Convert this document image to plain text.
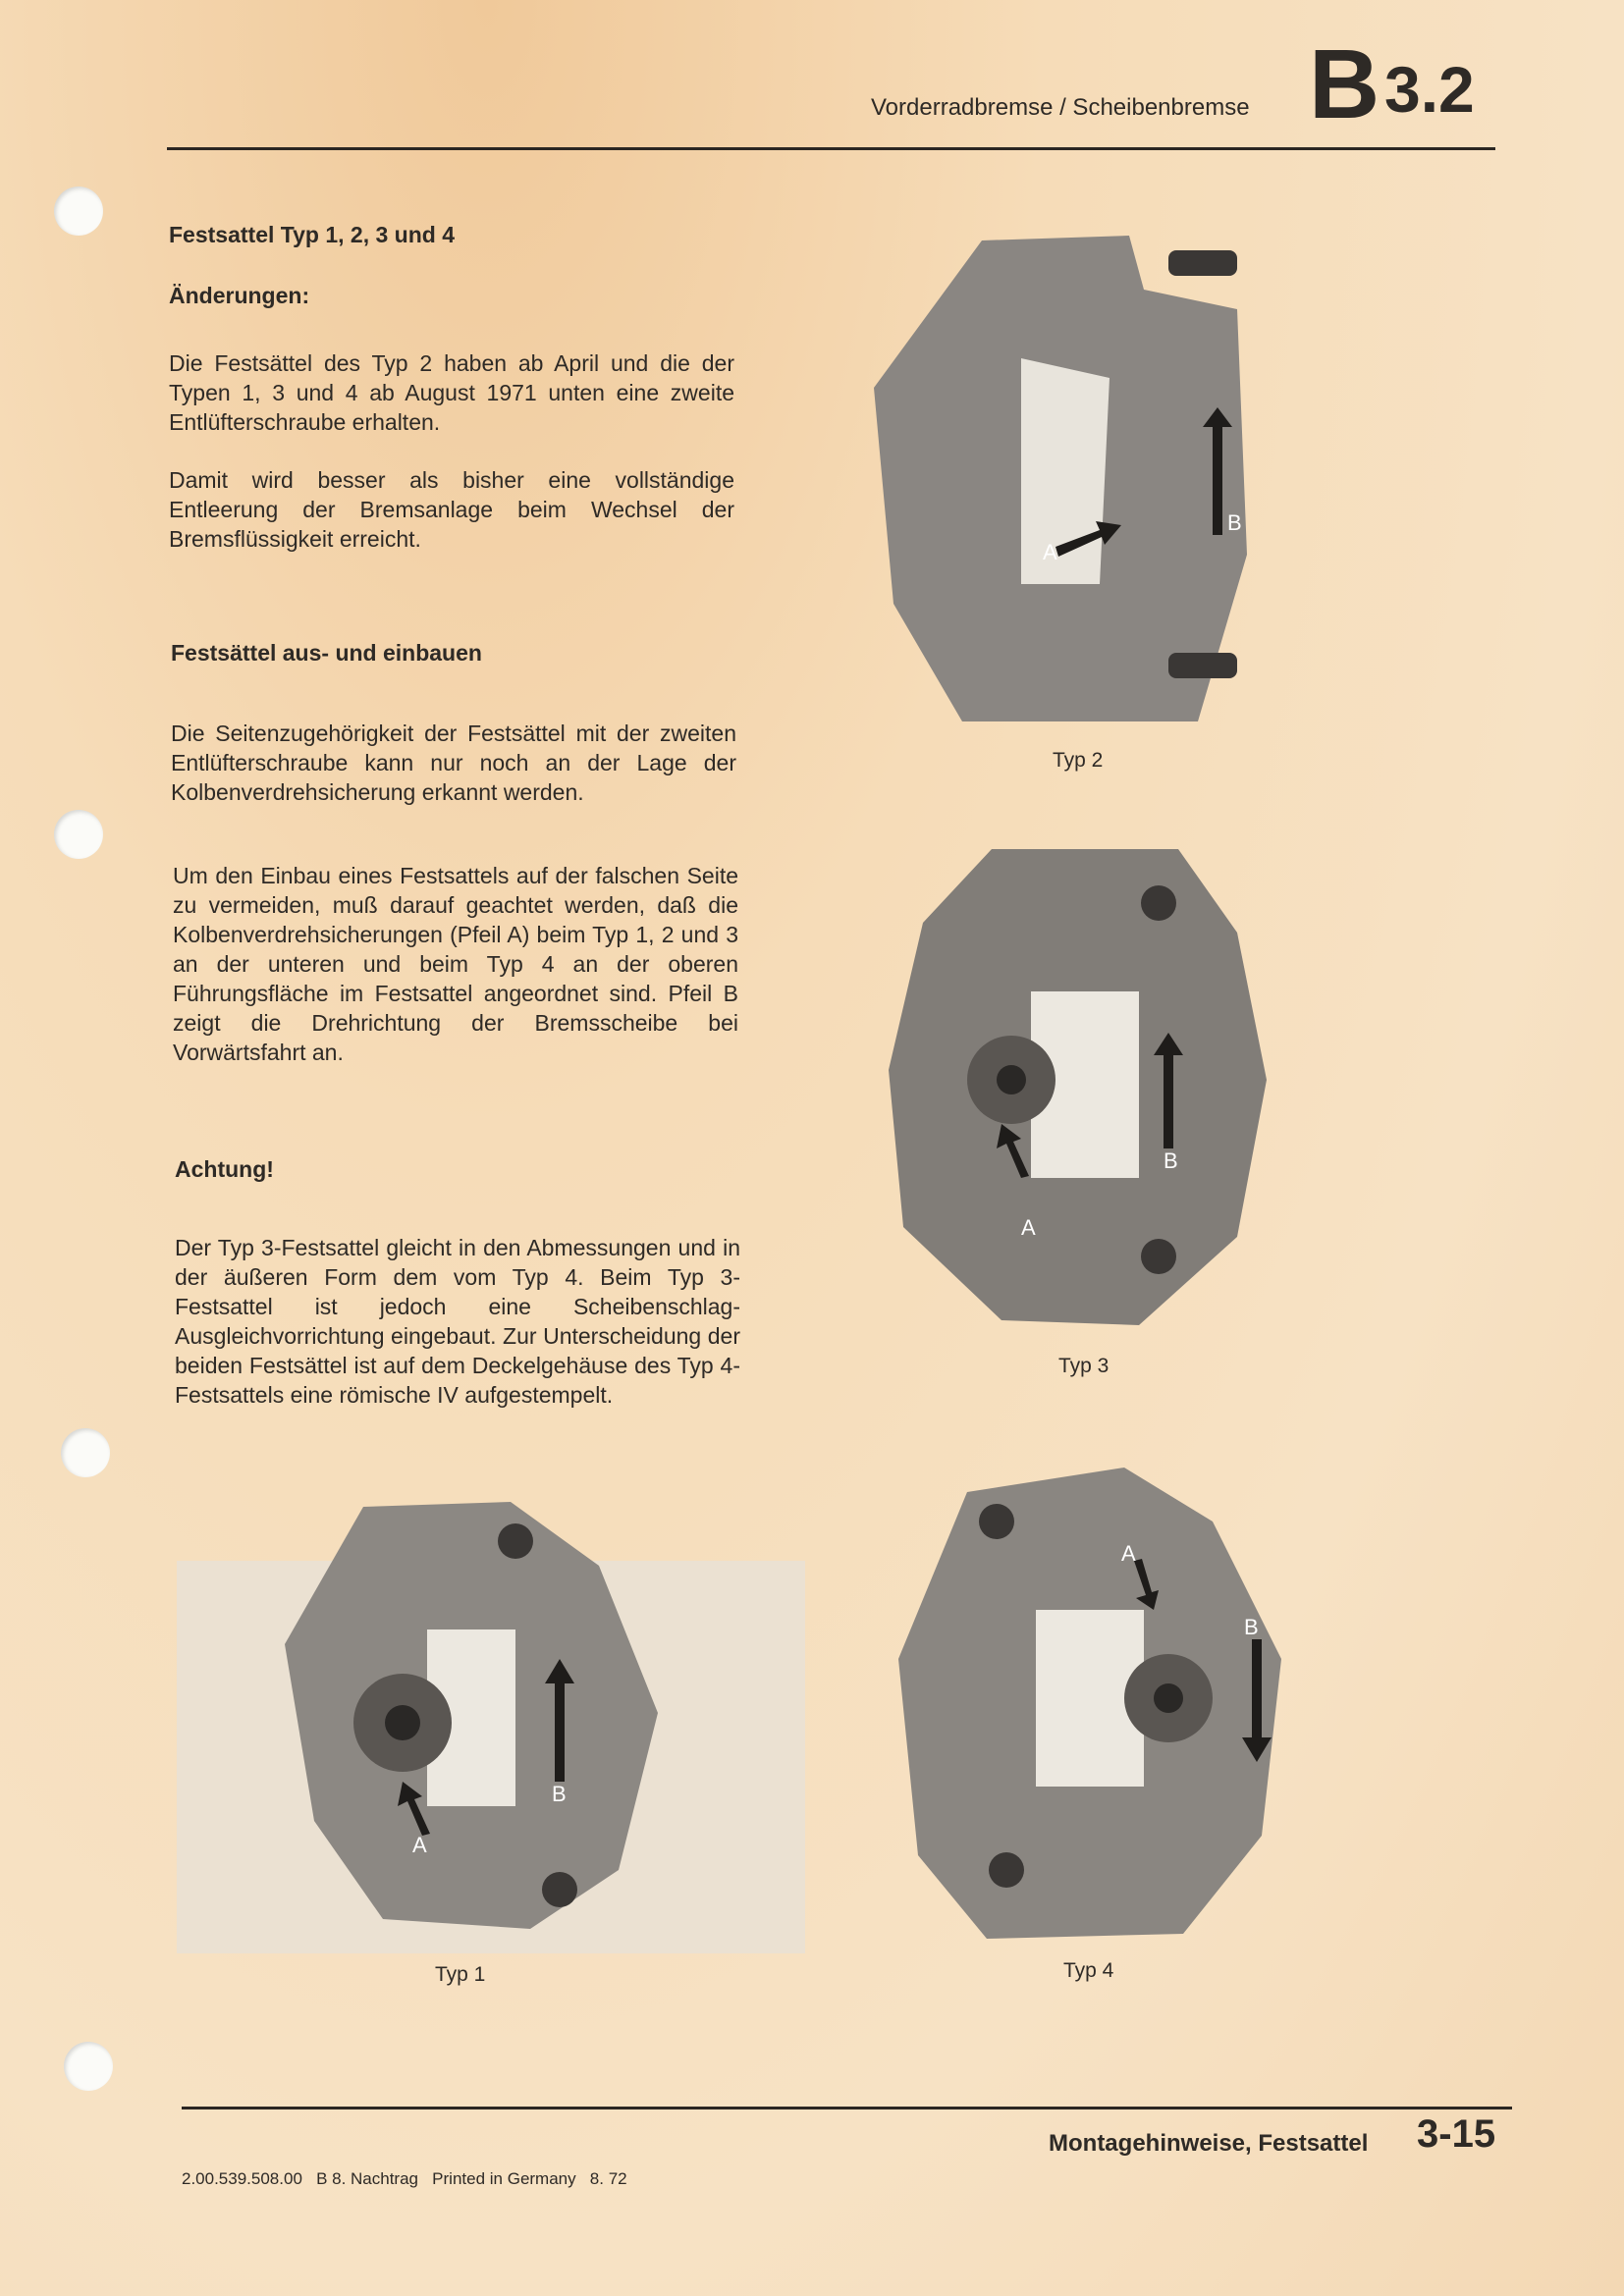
Vorderradbremse / Scheibenbremse B 3.2
Festsattel Typ 1, 2, 3 und 4
Änderungen:
Die Festsättel des Typ 2 haben ab April und die der Typen 1, 3 und 4 ab August 1971 unten eine zweite Entlüfterschraube erhalten.
Damit wird besser als bisher eine vollständige Entleerung der Bremsanlage beim Wechsel der Bremsflüssigkeit erreicht.
Festsättel aus- und einbauen
Die Seitenzugehörigkeit der Festsättel mit der zweiten Entlüfterschraube kann nur noch an der Lage der Kolbenverdrehsicherung erkannt werden.
Um den Einbau eines Festsattels auf der falschen Seite zu vermeiden, muß darauf geachtet werden, daß die Kolbenverdrehsicherungen (Pfeil A) beim Typ 1, 2 und 3 an der unteren und beim Typ 4 an der oberen Führungsfläche im Festsattel angeordnet sind. Pfeil B zeigt die Drehrichtung der Bremsscheibe bei Vorwärtsfahrt an.
Achtung!
Der Typ 3-Festsattel gleicht in den Abmessungen und in der äußeren Form dem vom Typ 4. Beim Typ 3-Festsattel ist jedoch eine Scheibenschlag-Ausgleichvorrichtung eingebaut. Zur Unterscheidung der beiden Festsättel ist auf dem Deckelgehäuse des Typ 4-Festsattels eine römische IV aufgestempelt.
A
B
Typ 2
A
B
Typ 3
A
B
Typ 1
A
B
Typ 4
Montagehinweise, Festsattel 3-15
2.00.539.508.00   B 8. Nachtrag   Printed in Germany   8. 72
